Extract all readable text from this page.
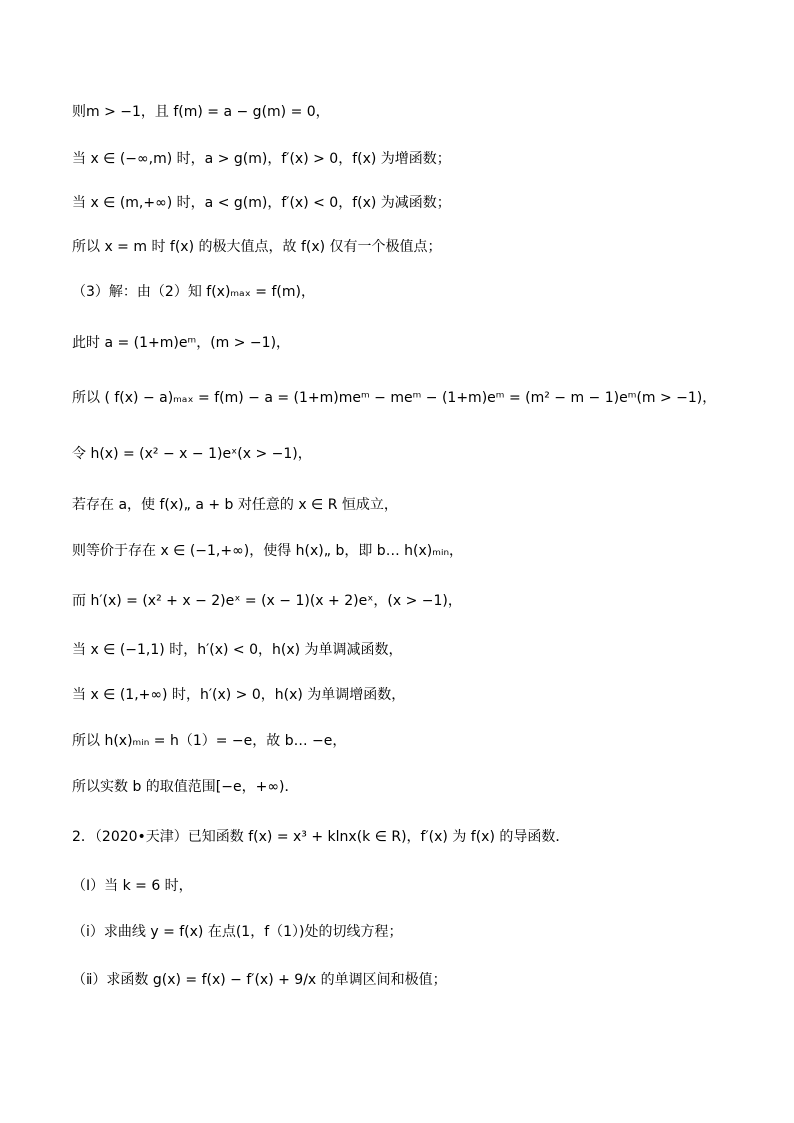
则m > −1，且 f(m) = a − g(m) = 0，
当 x ∈ (−∞,m) 时，a > g(m)，f′(x) > 0，f(x) 为增函数；
当 x ∈ (m,+∞) 时，a < g(m)，f′(x) < 0，f(x) 为减函数；
所以 x = m 时 f(x) 的极大值点，故 f(x) 仅有一个极值点；
（3）解：由（2）知 f(x)ₘₐₓ = f(m)，
此时 a = (1+m)eᵐ，(m > −1)，
所以 ( f(x) − a)ₘₐₓ = f(m) − a = (1+m)meᵐ − meᵐ − (1+m)eᵐ = (m² − m − 1)eᵐ(m > −1)，
令 h(x) = (x² − x − 1)eˣ(x > −1)，
若存在 a，使 f(x)„ a + b 对任意的 x ∈ R 恒成立，
则等价于存在 x ∈ (−1,+∞)，使得 h(x)„ b，即 b… h(x)ₘᵢₙ，
而 h′(x) = (x² + x − 2)eˣ = (x − 1)(x + 2)eˣ，(x > −1)，
当 x ∈ (−1,1) 时，h′(x) < 0，h(x) 为单调减函数，
当 x ∈ (1,+∞) 时，h′(x) > 0，h(x) 为单调增函数，
所以 h(x)ₘᵢₙ = h（1）= −e，故 b… −e，
所以实数 b 的取值范围[−e，+∞)．
2．（2020•天津）已知函数 f(x) = x³ + klnx(k ∈ R)，f′(x) 为 f(x) 的导函数．
（Ⅰ）当 k = 6 时，
（ⅰ）求曲线 y = f(x) 在点(1，f（1）)处的切线方程；
（ⅱ）求函数 g(x) = f(x) − f′(x) + 9/x 的单调区间和极值；
